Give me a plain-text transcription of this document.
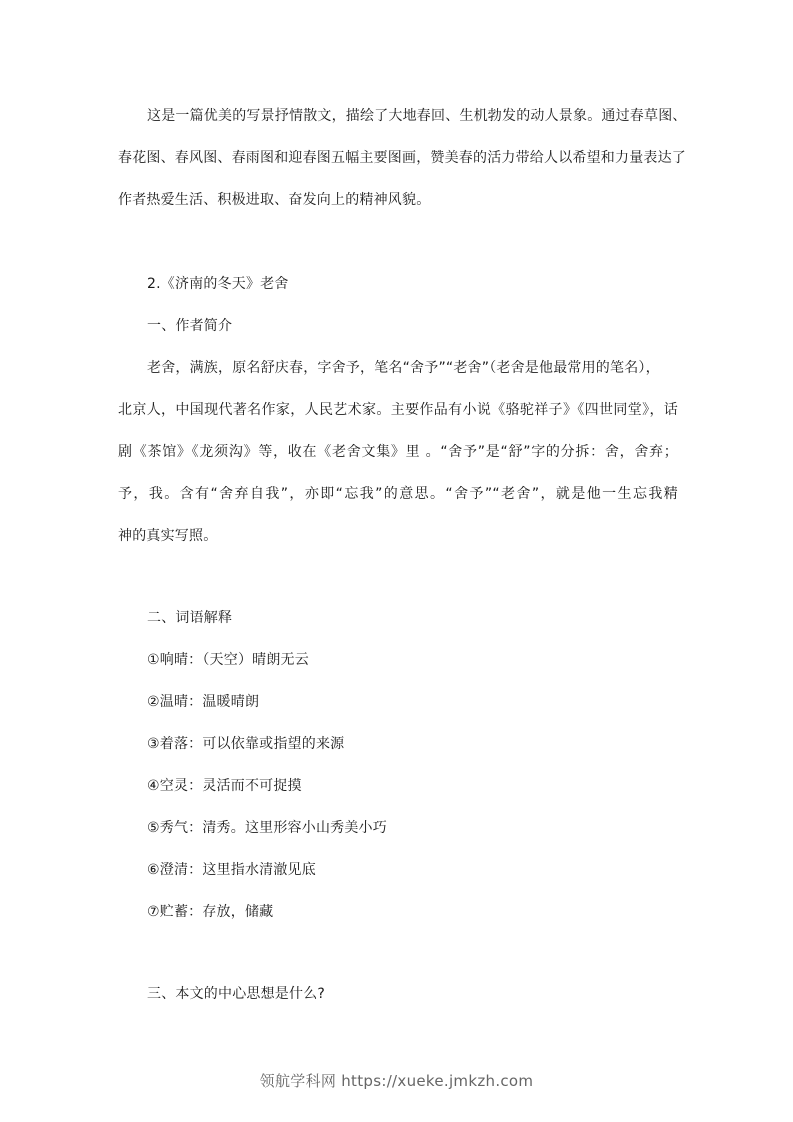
这是一篇优美的写景抒情散文，描绘了大地春回、生机勃发的动人景象。通过春草图、
春花图、春风图、春雨图和迎春图五幅主要图画，赞美春的活力带给人以希望和力量表达了
作者热爱生活、积极进取、奋发向上的精神风貌。
2.《济南的冬天》老舍
一、作者简介
老舍，满族，原名舒庆春，字舍予，笔名“舍予”“老舍”（老舍是他最常用的笔名），
北京人，中国现代著名作家，人民艺术家。主要作品有小说《骆驼祥子》《四世同堂》，话
剧《茶馆》《龙须沟》等，收在《老舍文集》里 。“舍予”是“舒”字的分拆：舍，舍弃；
予，我。含有“舍弃自我”，亦即“忘我”的意思。“舍予”“老舍”，就是他一生忘我精
神的真实写照。
二、词语解释
①响晴：（天空）晴朗无云
②温晴：温暖晴朗
③着落：可以依靠或指望的来源
④空灵：灵活而不可捉摸
⑤秀气：清秀。这里形容小山秀美小巧
⑥澄清：这里指水清澈见底
⑦贮蓄：存放，储藏
三、本文的中心思想是什么?
领航学科网 https://xueke.jmkzh.com
